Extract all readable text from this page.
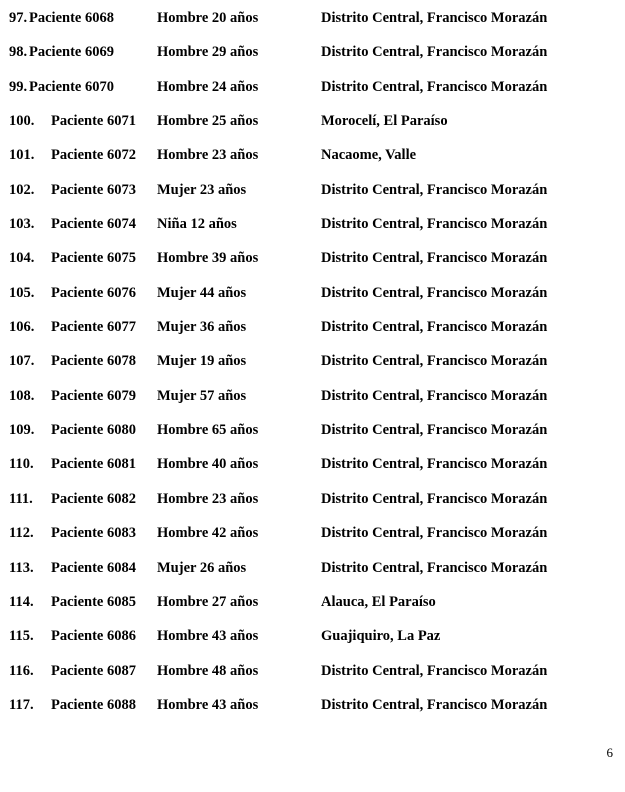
97. Paciente 6068	Hombre 20 años	Distrito Central, Francisco Morazán
98. Paciente 6069	Hombre 29 años	Distrito Central, Francisco Morazán
99. Paciente 6070	Hombre 24 años	Distrito Central, Francisco Morazán
100. Paciente 6071 Hombre 25 años	Morocelí, El Paraíso
101. Paciente 6072 Hombre 23 años	Nacaome, Valle
102. Paciente 6073 Mujer 23 años	Distrito Central, Francisco Morazán
103. Paciente 6074 Niña 12 años	Distrito Central, Francisco Morazán
104. Paciente 6075 Hombre 39 años	Distrito Central, Francisco Morazán
105. Paciente 6076 Mujer 44 años	Distrito Central, Francisco Morazán
106. Paciente 6077 Mujer 36 años	Distrito Central, Francisco Morazán
107. Paciente 6078 Mujer 19 años	Distrito Central, Francisco Morazán
108. Paciente 6079 Mujer 57 años	Distrito Central, Francisco Morazán
109. Paciente 6080 Hombre 65 años	Distrito Central, Francisco Morazán
110. Paciente 6081 Hombre 40 años	Distrito Central, Francisco Morazán
111. Paciente 6082 Hombre 23 años	Distrito Central, Francisco Morazán
112. Paciente 6083 Hombre 42 años	Distrito Central, Francisco Morazán
113. Paciente 6084 Mujer 26 años	Distrito Central, Francisco Morazán
114. Paciente 6085 Hombre 27 años	Alauca, El Paraíso
115. Paciente 6086 Hombre 43 años	Guajiquiro, La Paz
116. Paciente 6087 Hombre 48 años	Distrito Central, Francisco Morazán
117. Paciente 6088 Hombre 43 años	Distrito Central, Francisco Morazán
6
